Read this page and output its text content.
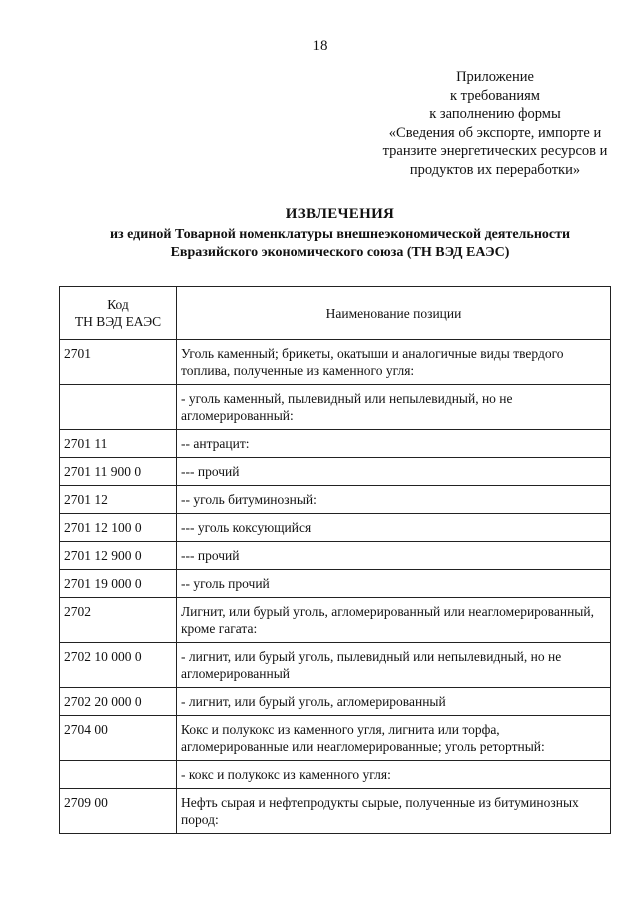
18
Приложение
к требованиям
к заполнению формы
«Сведения об экспорте, импорте и
транзите энергетических ресурсов и
продуктов их переработки»
ИЗВЛЕЧЕНИЯ
из единой Товарной номенклатуры внешнеэкономической деятельности
Евразийского экономического союза (ТН ВЭД ЕАЭС)
Код
ТН ВЭД ЕАЭС	Наименование позиции
2701	Уголь каменный; брикеты, окатыши и аналогичные виды твердого топлива, полученные из каменного угля:
	- уголь каменный, пылевидный или непылевидный, но не агломерированный:
2701 11	-- антрацит:
2701 11 900 0	--- прочий
2701 12	-- уголь битуминозный:
2701 12 100 0	--- уголь коксующийся
2701 12 900 0	--- прочий
2701 19 000 0	-- уголь прочий
2702	Лигнит, или бурый уголь, агломерированный или неагломерированный, кроме гагата:
2702 10 000 0	- лигнит, или бурый уголь, пылевидный или непылевидный, но не агломерированный
2702 20 000 0	- лигнит, или бурый уголь, агломерированный
2704 00	Кокс и полукокс из каменного угля, лигнита или торфа, агломерированные или неагломерированные; уголь ретортный:
	- кокс и полукокс из каменного угля:
2709 00	Нефть сырая и нефтепродукты сырые, полученные из битуминозных пород:
